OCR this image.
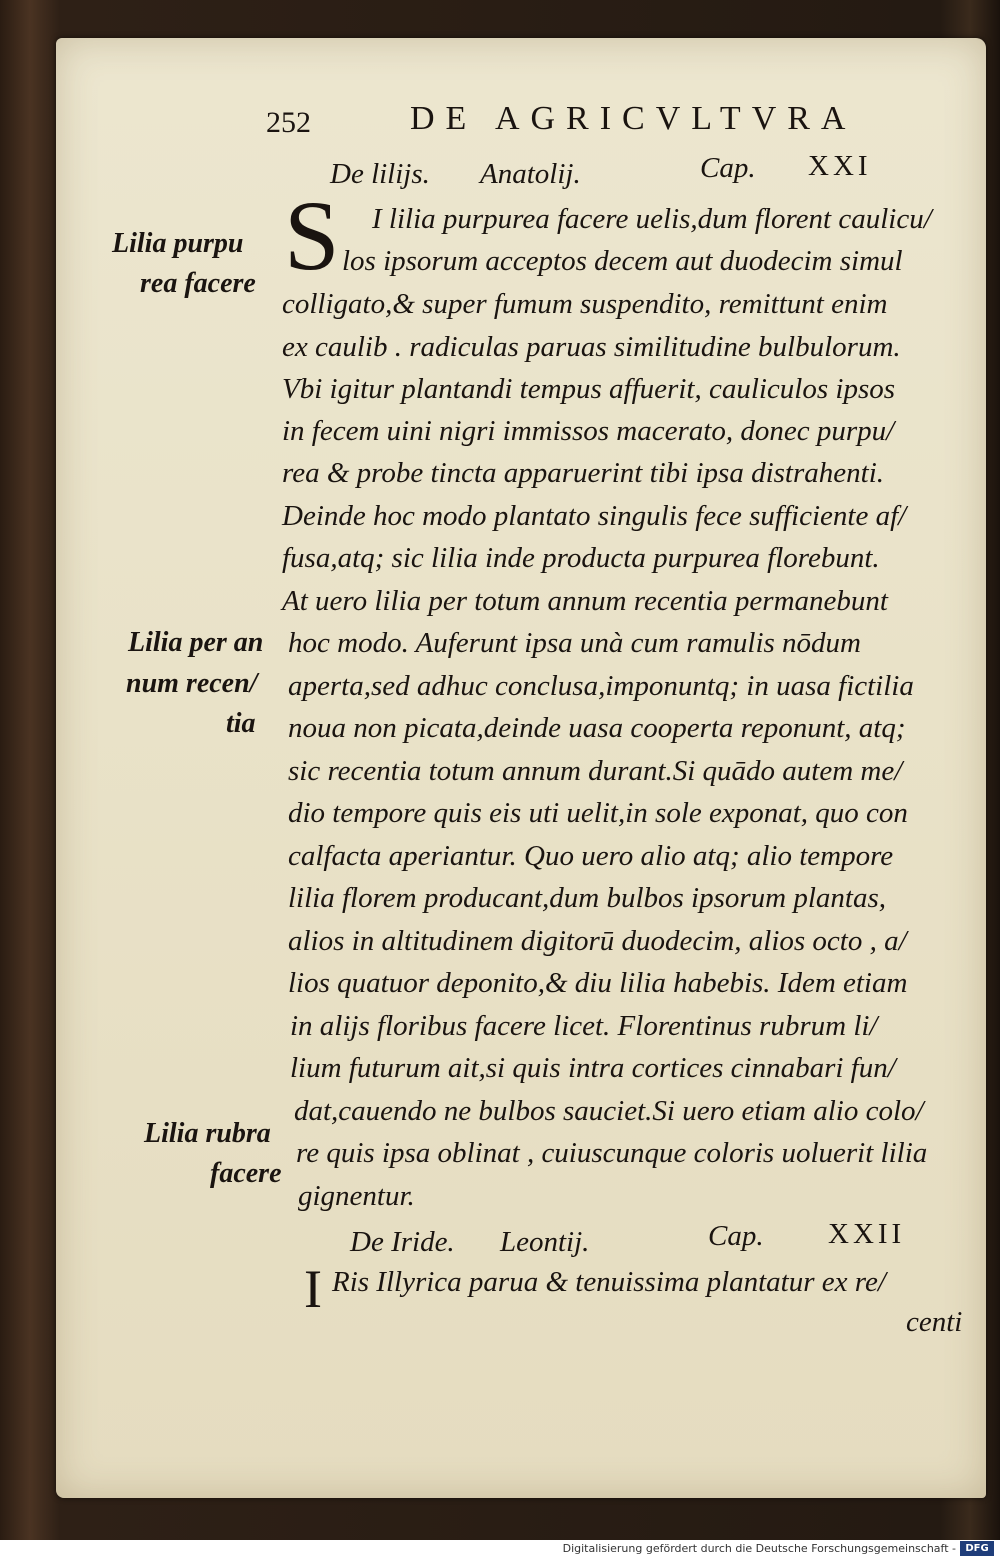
252	DE AGRICVLTVRA
De lilijs. Anatolij.	Cap. XXI
S I lilia purpurea facere uelis,dum florent caulicu/
los ipsorum acceptos decem aut duodecim simul
colligato,& super fumum suspendito, remittunt enim
ex caulib . radiculas paruas similitudine bulbulorum.
Vbi igitur plantandi tempus affuerit, cauliculos ipsos
in fecem uini nigri immissos macerato, donec purpu/
rea & probe tincta apparuerint tibi ipsa distrahenti.
Deinde hoc modo plantato singulis fece sufficiente af/
fusa,atq; sic lilia inde producta purpurea florebunt.
At uero lilia per totum annum recentia permanebunt
hoc modo. Auferunt ipsa unà cum ramulis nōdum
aperta,sed adhuc conclusa,imponuntq; in uasa fictilia
noua non picata,deinde uasa cooperta reponunt, atq;
sic recentia totum annum durant.Si quādo autem me/
dio tempore quis eis uti uelit,in sole exponat, quo con
calfacta aperiantur. Quo uero alio atq; alio tempore
lilia florem producant,dum bulbos ipsorum plantas,
alios in altitudinem digitorū duodecim, alios octo , a/
lios quatuor deponito,& diu lilia habebis. Idem etiam
in alijs floribus facere licet. Florentinus rubrum li/
lium futurum ait,si quis intra cortices cinnabari fun/
dat,cauendo ne bulbos sauciet.Si uero etiam alio colo/
re quis ipsa oblinat , cuiuscunque coloris uoluerit lilia
gignentur.
Lilia purpu
rea facere
Lilia per an
num recen/
tia
Lilia rubra
facere
De Iride. Leontij.	Cap. XXII
I Ris Illyrica parua & tenuissima plantatur ex re/
centi
Digitalisierung gefördert durch die Deutsche Forschungsgemeinschaft - DFG
